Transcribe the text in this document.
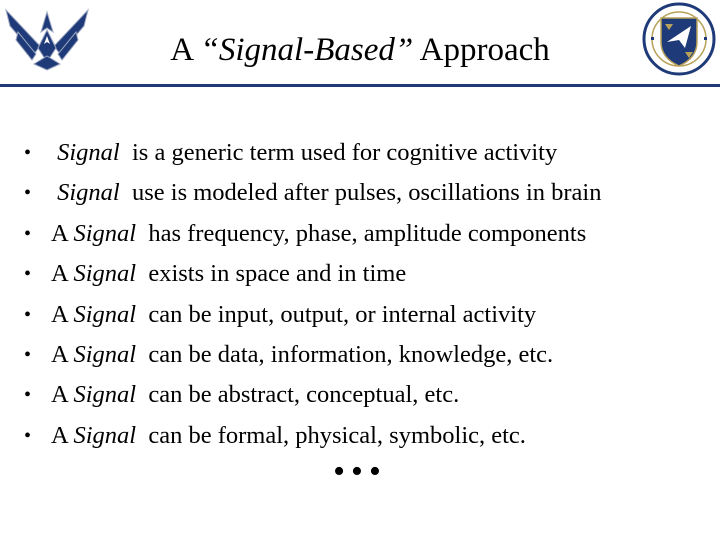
A “Signal-Based” Approach
• Signal  is a generic term used for cognitive activity
• Signal  use is modeled after pulses, oscillations in brain
• A Signal  has frequency, phase, amplitude components
• A Signal  exists in space and in time
• A Signal  can be input, output, or internal activity
• A Signal  can be data, information, knowledge, etc.
• A Signal  can be abstract, conceptual, etc.
• A Signal  can be formal, physical, symbolic, etc.
•••
